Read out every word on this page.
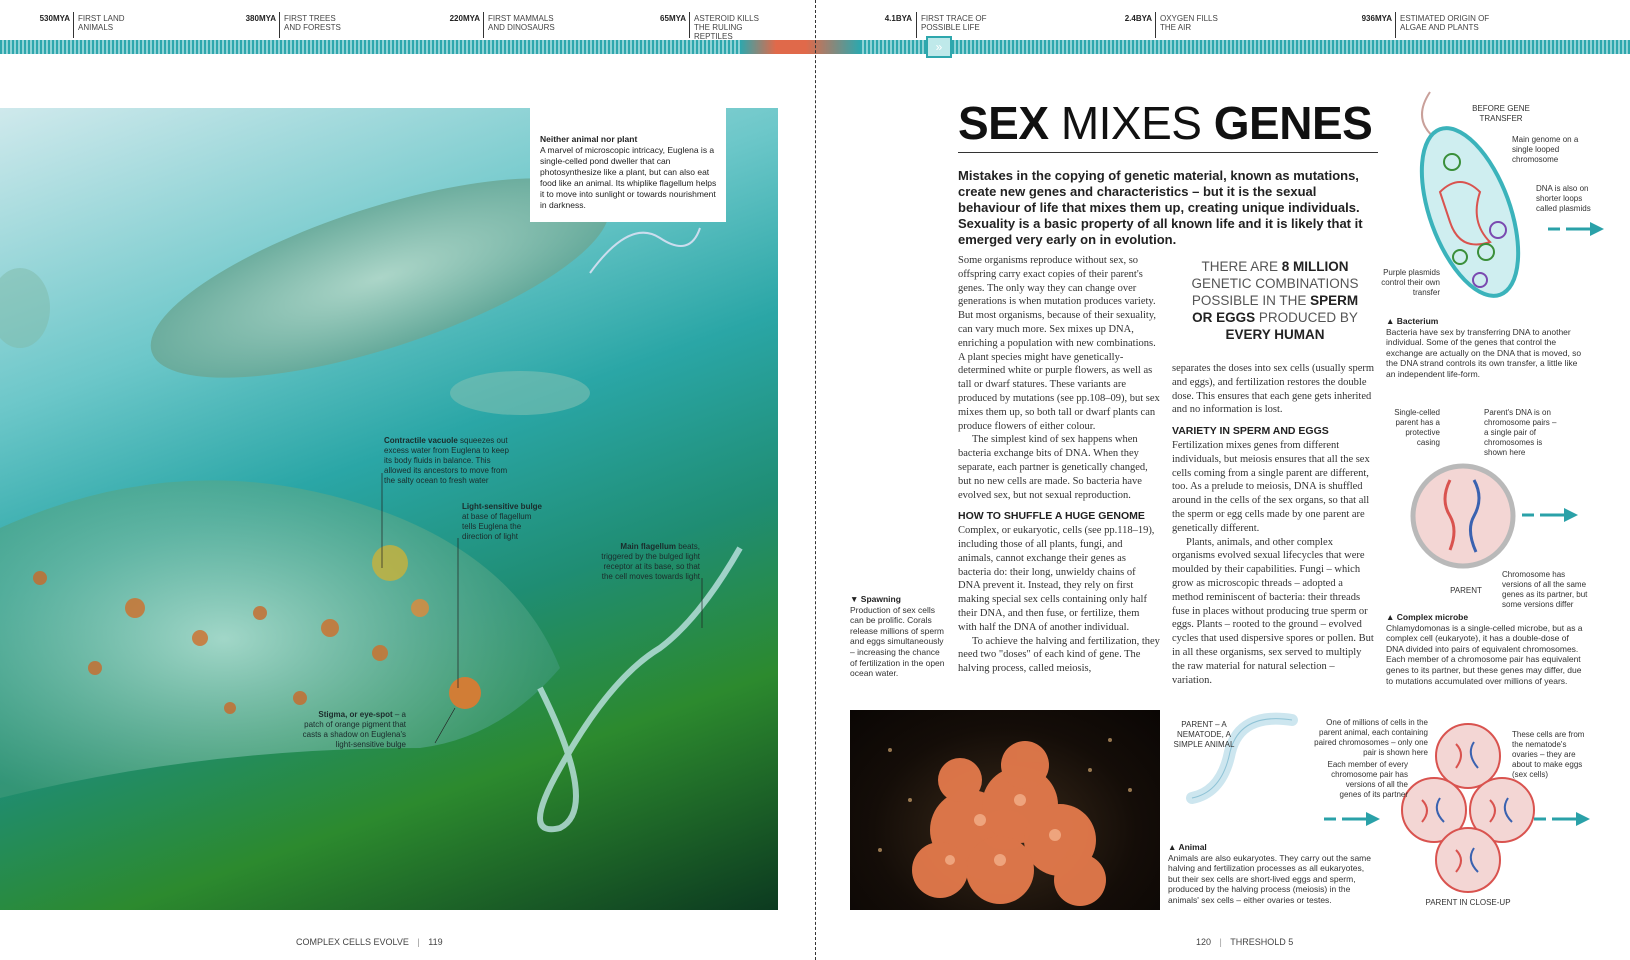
»
530MYA FIRST LAND ANIMALS
380MYA FIRST TREES AND FORESTS
220MYA FIRST MAMMALS AND DINOSAURS
65MYA ASTEROID KILLS THE RULING REPTILES
4.1BYA FIRST TRACE OF POSSIBLE LIFE
2.4BYA OXYGEN FILLS THE AIR
936MYA ESTIMATED ORIGIN OF ALGAE AND PLANTS
Neither animal nor plant
A marvel of microscopic intricacy, Euglena is a single-celled pond dweller that can photosynthesize like a plant, but can also eat food like an animal. Its whiplike flagellum helps it to move into sunlight or towards nourishment in darkness.
Contractile vacuole squeezes out excess water from Euglena to keep its body fluids in balance. This allowed its ancestors to move from the salty ocean to fresh water
Light-sensitive bulge at base of flagellum tells Euglena the direction of light
Main flagellum beats, triggered by the bulged light receptor at its base, so that the cell moves towards light
Stigma, or eye-spot – a patch of orange pigment that casts a shadow on Euglena's light-sensitive bulge
COMPLEX CELLS EVOLVE | 119
SEX MIXES GENES
Mistakes in the copying of genetic material, known as mutations, create new genes and characteristics – but it is the sexual behaviour of life that mixes them up, creating unique individuals. Sexuality is a basic property of all known life and it is likely that it emerged very early on in evolution.
Some organisms reproduce without sex, so offspring carry exact copies of their parent's genes. The only way they can change over generations is when mutation produces variety. But most organisms, because of their sexuality, can vary much more. Sex mixes up DNA, enriching a population with new combinations. A plant species might have genetically-determined white or purple flowers, as well as tall or dwarf statures. These variants are produced by mutations (see pp.108–09), but sex mixes them up, so both tall or dwarf plants can produce flowers of either colour.
The simplest kind of sex happens when bacteria exchange bits of DNA. When they separate, each partner is genetically changed, but no new cells are made. So bacteria have evolved sex, but not sexual reproduction.
HOW TO SHUFFLE A HUGE GENOME
Complex, or eukaryotic, cells (see pp.118–19), including those of all plants, fungi, and animals, cannot exchange their genes as bacteria do: their long, unwieldy chains of DNA prevent it. Instead, they rely on first making special sex cells containing only half their DNA, and then fuse, or fertilize, them with half the DNA of another individual.
To achieve the halving and fertilization, they need two "doses" of each kind of gene. The halving process, called meiosis,
THERE ARE 8 MILLION GENETIC COMBINATIONS POSSIBLE IN THE SPERM OR EGGS PRODUCED BY EVERY HUMAN
separates the doses into sex cells (usually sperm and eggs), and fertilization restores the double dose. This ensures that each gene gets inherited and no information is lost.
VARIETY IN SPERM AND EGGS
Fertilization mixes genes from different individuals, but meiosis ensures that all the sex cells coming from a single parent are different, too. As a prelude to meiosis, DNA is shuffled around in the cells of the sex organs, so that all the sperm or egg cells made by one parent are genetically different.
Plants, animals, and other complex organisms evolved sexual lifecycles that were moulded by their capabilities. Fungi – which grow as microscopic threads – adopted a method reminiscent of bacteria: their threads fuse in places without producing true sperm or eggs. Plants – rooted to the ground – evolved cycles that used dispersive spores or pollen. But in all these organisms, sex served to multiply the raw material for natural selection – variation.
▼ Spawning
Production of sex cells can be prolific. Corals release millions of sperm and eggs simultaneously – increasing the chance of fertilization in the open ocean water.
BEFORE GENE TRANSFER
Main genome on a single looped chromosome
DNA is also on shorter loops called plasmids
Purple plasmids control their own transfer
▲ Bacterium
Bacteria have sex by transferring DNA to another individual. Some of the genes that control the exchange are actually on the DNA that is moved, so the DNA strand controls its own transfer, a little like an independent life-form.
Single-celled parent has a protective casing
Parent's DNA is on chromosome pairs – a single pair of chromosomes is shown here
Chromosome has versions of all the same genes as its partner, but some versions differ
PARENT
▲ Complex microbe
Chlamydomonas is a single-celled microbe, but as a complex cell (eukaryote), it has a double-dose of DNA divided into pairs of equivalent chromosomes. Each member of a chromosome pair has equivalent genes to its partner, but these genes may differ, due to mutations accumulated over millions of years.
PARENT – A NEMATODE, A SIMPLE ANIMAL
One of millions of cells in the parent animal, each containing paired chromosomes – only one pair is shown here
Each member of every chromosome pair has versions of all the genes of its partner
These cells are from the nematode's ovaries – they are about to make eggs (sex cells)
PARENT IN CLOSE-UP
▲ Animal
Animals are also eukaryotes. They carry out the same halving and fertilization processes as all eukaryotes, but their sex cells are short-lived eggs and sperm, produced by the halving process (meiosis) in the animals' sex cells – either ovaries or testes.
120 | THRESHOLD 5
